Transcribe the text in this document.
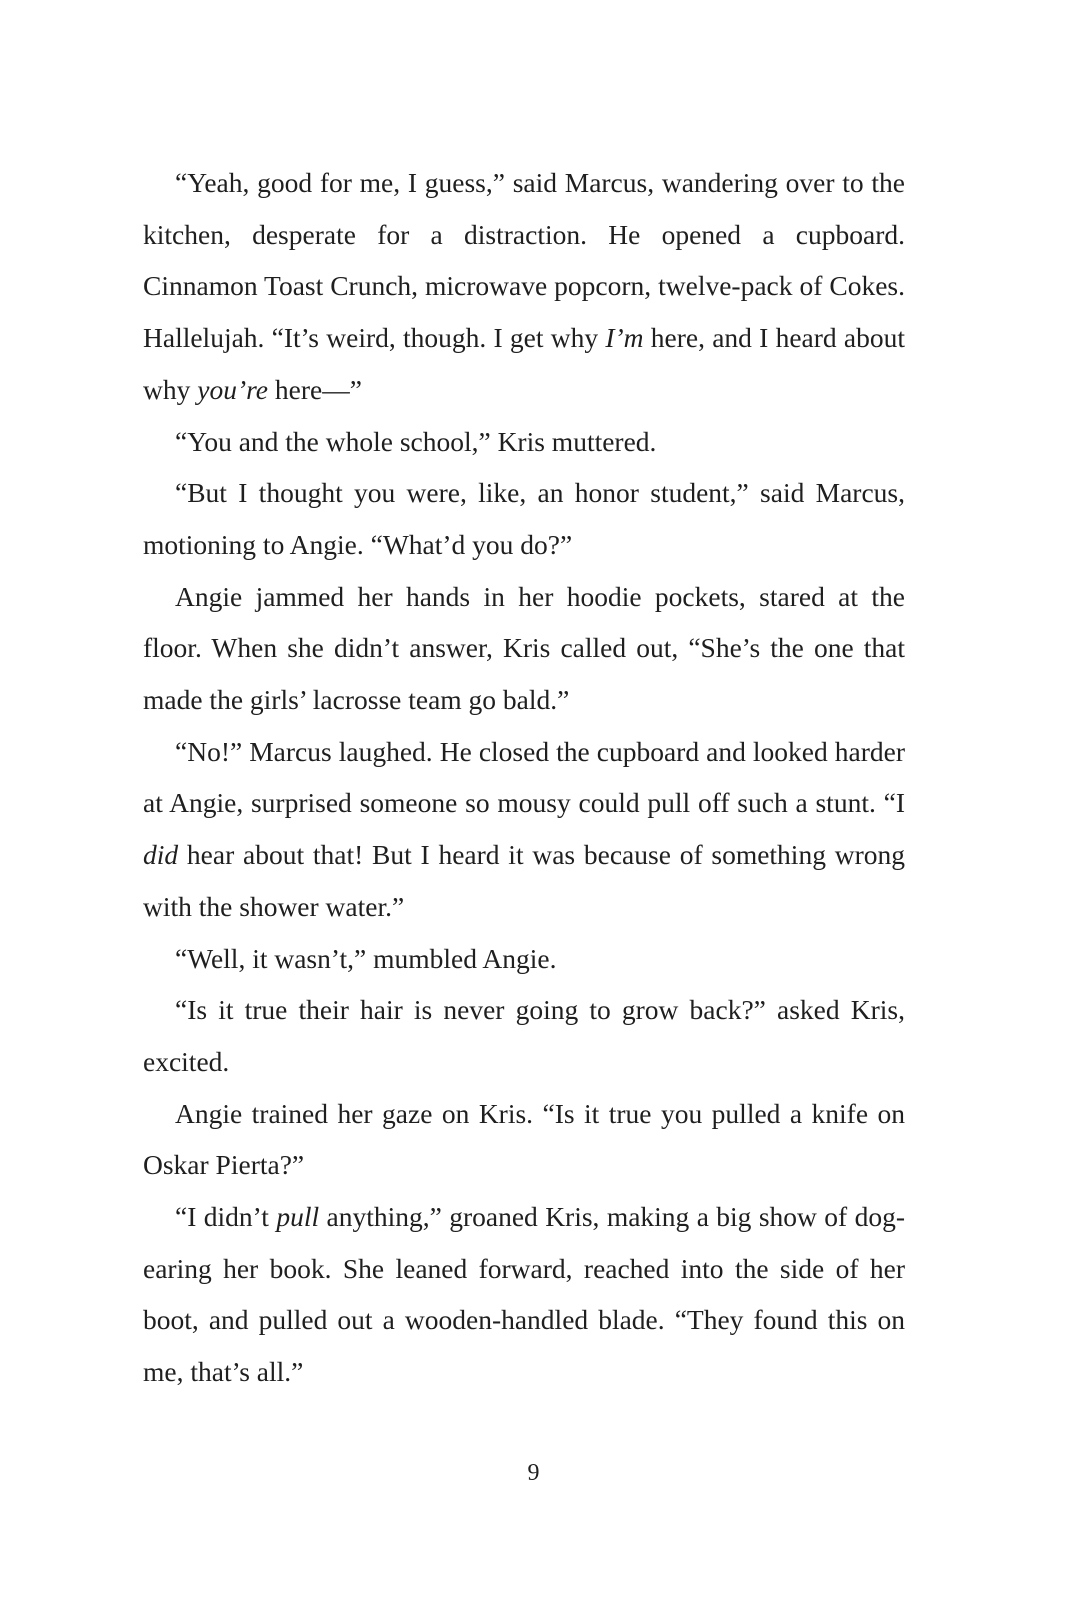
“Yeah, good for me, I guess,” said Marcus, wandering over to the kitchen, desperate for a distraction. He opened a cupboard. Cinnamon Toast Crunch, microwave popcorn, twelve-pack of Cokes. Hallelujah. “It’s weird, though. I get why I’m here, and I heard about why you’re here—”

“You and the whole school,” Kris muttered.

“But I thought you were, like, an honor student,” said Marcus, motioning to Angie. “What’d you do?”

Angie jammed her hands in her hoodie pockets, stared at the floor. When she didn’t answer, Kris called out, “She’s the one that made the girls’ lacrosse team go bald.”

“No!” Marcus laughed. He closed the cupboard and looked harder at Angie, surprised someone so mousy could pull off such a stunt. “I did hear about that! But I heard it was because of something wrong with the shower water.”

“Well, it wasn’t,” mumbled Angie.

“Is it true their hair is never going to grow back?” asked Kris, excited.

Angie trained her gaze on Kris. “Is it true you pulled a knife on Oskar Pierta?”

“I didn’t pull anything,” groaned Kris, making a big show of dog-earing her book. She leaned forward, reached into the side of her boot, and pulled out a wooden-handled blade. “They found this on me, that’s all.”

9
